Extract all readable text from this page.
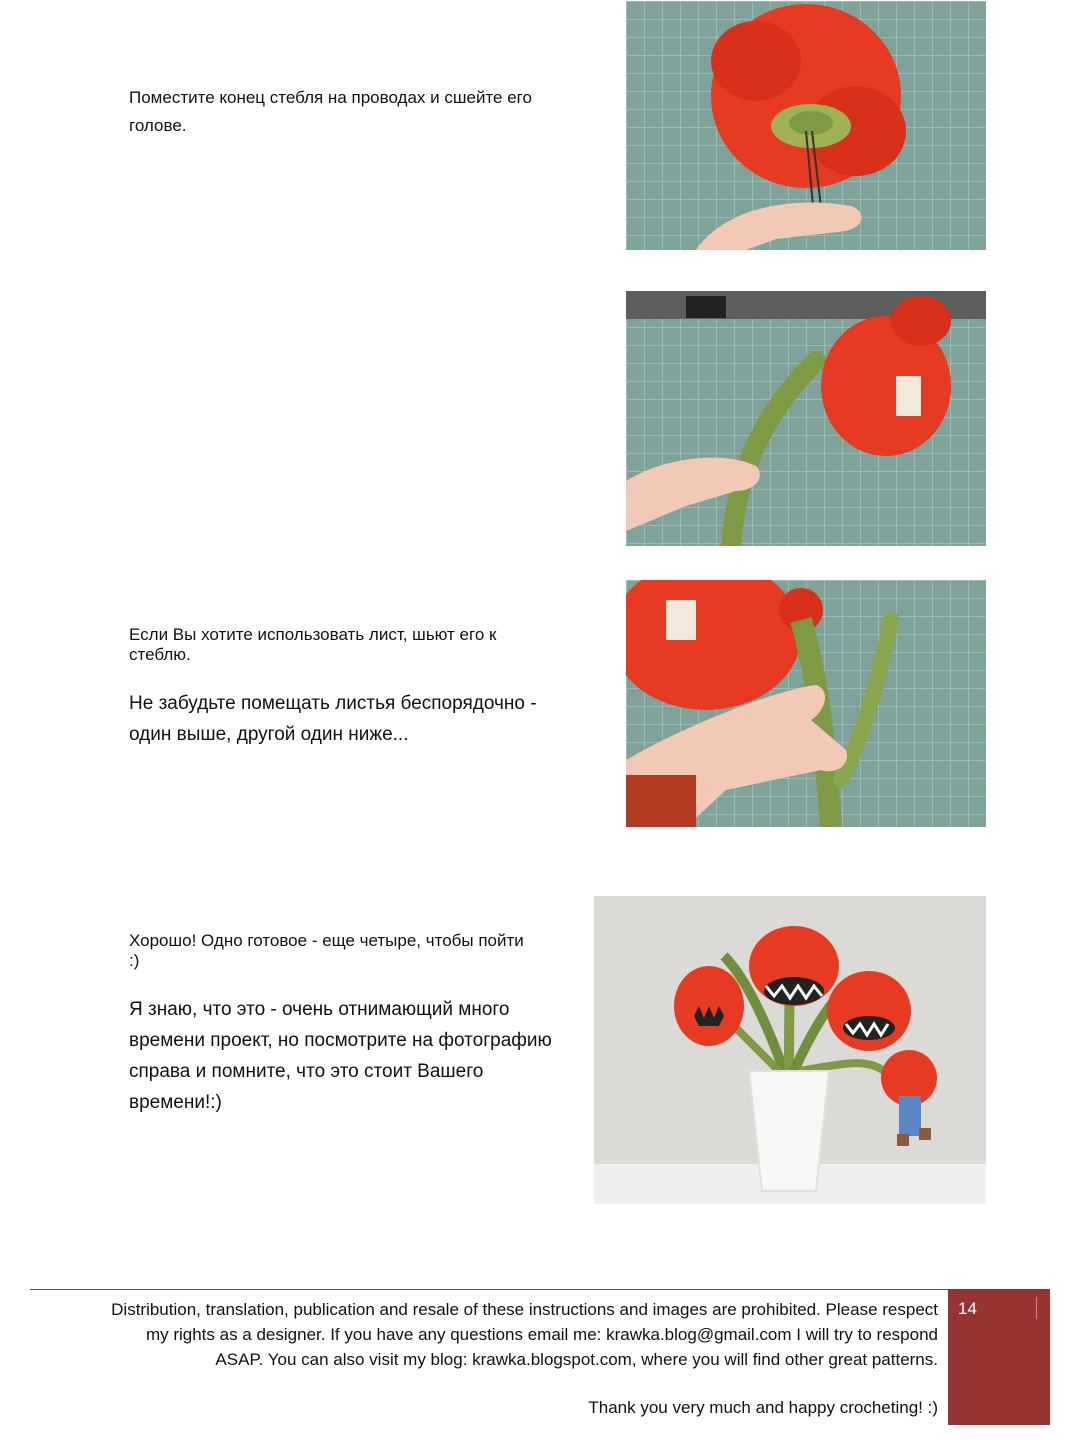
Поместите конец стебля на проводах и сшейте его голове.
Если Вы хотите использовать лист, шьют его к стеблю.
Не забудьте помещать листья беспорядочно - один выше, другой один ниже...
Хорошо! Одно готовое - еще четыре, чтобы пойти :)
Я знаю, что это - очень отнимающий много времени проект, но посмотрите на фотографию справа и помните, что это стоит Вашего времени!:)
Distribution, translation, publication and resale of these instructions and images are prohibited. Please respect
my rights as a designer. If you have any questions email me: krawka.blog@gmail.com I will try to respond
ASAP. You can also visit my blog: krawka.blogspot.com, where you will find other great patterns.
Thank you very much and happy crocheting! :)
14
